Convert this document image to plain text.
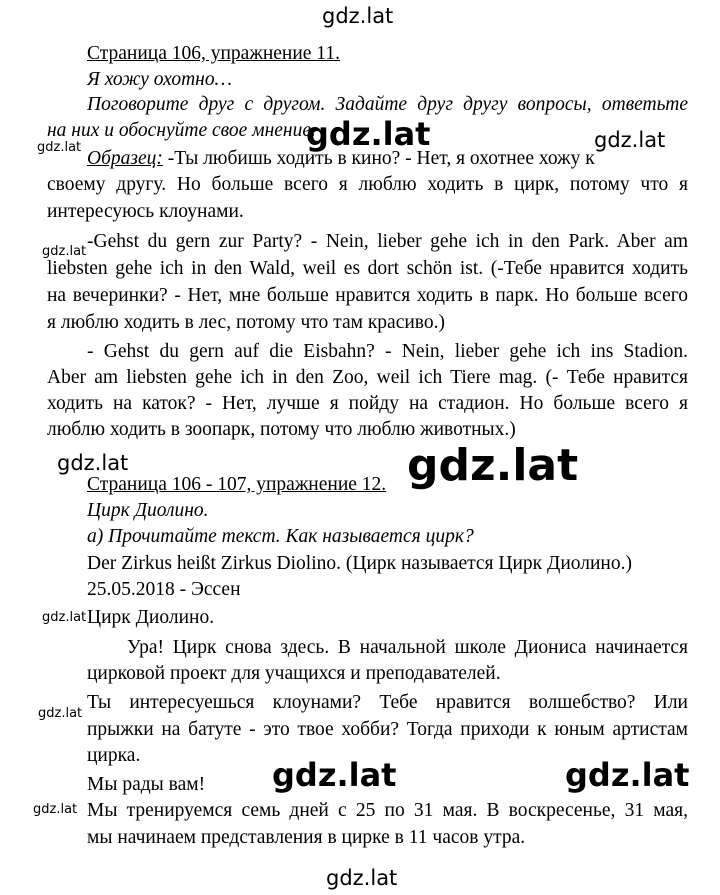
gdz.lat
gdz.lat	gdz.lat
gdz.lat
gdz.lat
gdz.lat	gdz.lat
gdz.lat
gdz.lat
gdz.lat	gdz.lat
gdz.lat
gdz.lat
Страница 106, упражнение 11.
Я хожу охотно…
Поговорите друг с другом. Задайте друг другу вопросы, ответьте
на них и обоснуйте свое мнение.
Образец: -Ты любишь ходить в кино? - Нет, я охотнее хожу к
своему другу. Но больше всего я люблю ходить в цирк, потому что я
интересуюсь клоунами.
-Gehst du gern zur Party? - Nein, lieber gehe ich in den Park. Aber am
liebsten gehe ich in den Wald, weil es dort schön ist. (-Тебе нравится ходить
на вечеринки? - Нет, мне больше нравится ходить в парк. Но больше всего
я люблю ходить в лес, потому что там красиво.)
- Gehst du gern auf die Eisbahn? - Nein, lieber gehe ich ins Stadion.
Aber am liebsten gehe ich in den Zoo, weil ich Tiere mag. (- Тебе нравится
ходить на каток? - Нет, лучше я пойду на стадион. Но больше всего я
люблю ходить в зоопарк, потому что люблю животных.)
Страница 106 - 107, упражнение 12.
Цирк Диолино.
а) Прочитайте текст. Как называется цирк?
Der Zirkus heißt Zirkus Diolino. (Цирк называется Цирк Диолино.)
25.05.2018 - Эссен
Цирк Диолино.
Ура! Цирк снова здесь. В начальной школе Диониса начинается
цирковой проект для учащихся и преподавателей.
Ты интересуешься клоунами? Тебе нравится волшебство? Или
прыжки на батуте - это твое хобби? Тогда приходи к юным артистам
цирка.
Мы рады вам!
Мы тренируемся семь дней с 25 по 31 мая. В воскресенье, 31 мая,
мы начинаем представления в цирке в 11 часов утра.
